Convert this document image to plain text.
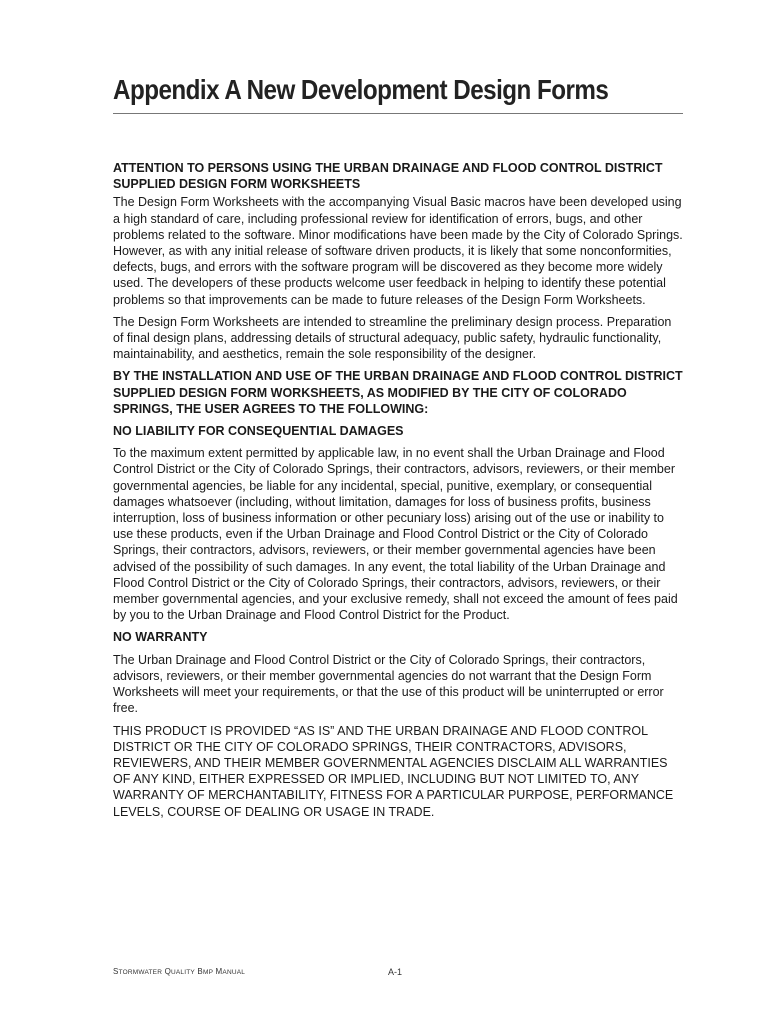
Appendix A New Development Design Forms
ATTENTION TO PERSONS USING THE URBAN DRAINAGE AND FLOOD CONTROL DISTRICT SUPPLIED DESIGN FORM WORKSHEETS

The Design Form Worksheets with the accompanying Visual Basic macros have been developed using a high standard of care, including professional review for identification of errors, bugs, and other problems related to the software. Minor modifications have been made by the City of Colorado Springs. However, as with any initial release of software driven products, it is likely that some nonconformities, defects, bugs, and errors with the software program will be discovered as they become more widely used. The developers of these products welcome user feedback in helping to identify these potential problems so that improvements can be made to future releases of the Design Form Worksheets.

The Design Form Worksheets are intended to streamline the preliminary design process. Preparation of final design plans, addressing details of structural adequacy, public safety, hydraulic functionality, maintainability, and aesthetics, remain the sole responsibility of the designer.

BY THE INSTALLATION AND USE OF THE URBAN DRAINAGE AND FLOOD CONTROL DISTRICT SUPPLIED DESIGN FORM WORKSHEETS, AS MODIFIED BY THE CITY OF COLORADO SPRINGS, THE USER AGREES TO THE FOLLOWING:
NO LIABILITY FOR CONSEQUENTIAL DAMAGES

To the maximum extent permitted by applicable law, in no event shall the Urban Drainage and Flood Control District or the City of Colorado Springs, their contractors, advisors, reviewers, or their member governmental agencies, be liable for any incidental, special, punitive, exemplary, or consequential damages whatsoever (including, without limitation, damages for loss of business profits, business interruption, loss of business information or other pecuniary loss) arising out of the use or inability to use these products, even if the Urban Drainage and Flood Control District or the City of Colorado Springs, their contractors, advisors, reviewers, or their member governmental agencies have been advised of the possibility of such damages. In any event, the total liability of the Urban Drainage and Flood Control District or the City of Colorado Springs, their contractors, advisors, reviewers, or their member governmental agencies, and your exclusive remedy, shall not exceed the amount of fees paid by you to the Urban Drainage and Flood Control District for the Product.

NO WARRANTY

The Urban Drainage and Flood Control District or the City of Colorado Springs, their contractors, advisors, reviewers, or their member governmental agencies do not warrant that the Design Form Worksheets will meet your requirements, or that the use of this product will be uninterrupted or error free.

THIS PRODUCT IS PROVIDED “AS IS” AND THE URBAN DRAINAGE AND FLOOD CONTROL DISTRICT OR THE CITY OF COLORADO SPRINGS, THEIR CONTRACTORS, ADVISORS, REVIEWERS, AND THEIR MEMBER GOVERNMENTAL AGENCIES DISCLAIM ALL WARRANTIES OF ANY KIND, EITHER EXPRESSED OR IMPLIED, INCLUDING BUT NOT LIMITED TO, ANY WARRANTY OF MERCHANTABILITY, FITNESS FOR A PARTICULAR PURPOSE, PERFORMANCE LEVELS, COURSE OF DEALING OR USAGE IN TRADE.

STORMWATER QUALITY BMP MANUAL	A-1
